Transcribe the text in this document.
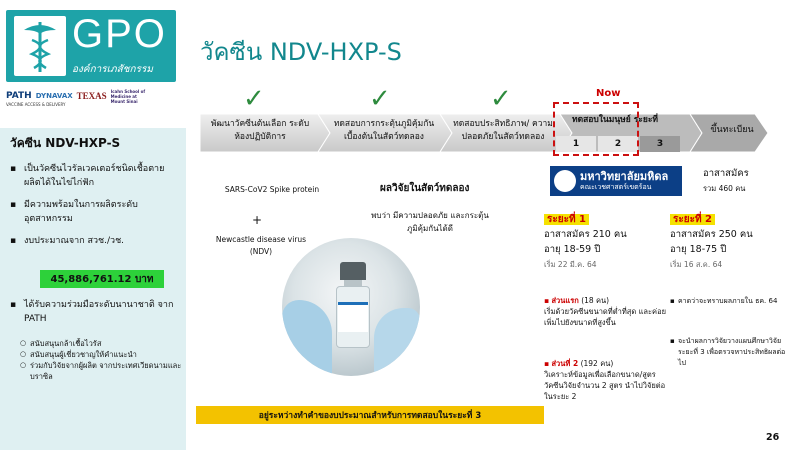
GPO
องค์การเภสัชกรรม
PATH DYNAVAX TEXAS Icahn School of Medicine at Mount Sinai
VACCINE ACCESS & DELIVERY
วัคซีน NDV-HXP-S
▪ เป็นวัคซีนไวรัลเวคเตอร์ชนิดเชื้อตาย ผลิตได้ในไข่ไก่ฟัก
▪ มีความพร้อมในการผลิตระดับอุตสาหกรรม
▪ งบประมาณจาก สวช./วช.
45,886,761.12 บาท
▪ ได้รับความร่วมมือระดับนานาชาติ จาก PATH
○ สนับสนุนกล้าเชื้อไวรัส
○ สนับสนุนผู้เชี่ยวชาญให้คำแนะนำ
○ ร่วมกับวิจัยจากผู้ผลิต จากประเทศเวียดนามและบราซิล
วัคซีน NDV-HXP-S
✓	✓	✓	Now
พัฒนาวัคซีนต้นเลือก ระดับห้องปฏิบัติการ
ทดสอบการกระตุ้นภูมิคุ้มกัน เบื้องต้นในสัตว์ทดลอง
ทดสอบประสิทธิภาพ/ ความปลอดภัยในสัตว์ทดลอง
ทดสอบในมนุษย์ ระยะที่
ขึ้นทะเบียน
1	2	3
SARS-CoV2 Spike protein
+
Newcastle disease virus (NDV)
ผลวิจัยในสัตว์ทดลอง
พบว่า มีความปลอดภัย และกระตุ้นภูมิคุ้มกันได้ดี
มหาวิทยาลัยมหิดล
คณะเวชศาสตร์เขตร้อน
อาสาสมัคร
รวม 460 คน
ระยะที่ 1
อาสาสมัคร 210 คน
อายุ 18-59 ปี
เริ่ม 22 มี.ค. 64
▪ ส่วนแรก (18 คน)
เริ่มด้วยวัคซีนขนาดที่ต่ำที่สุด และค่อยเพิ่มไปยังขนาดที่สูงขึ้น
▪ ส่วนที่ 2 (192 คน)
วิเคราะห์ข้อมูลเพื่อเลือกขนาด/สูตร วัคซีนวิจัยจำนวน 2 สูตร นำไปวิจัยต่อในระยะ 2
ระยะที่ 2
อาสาสมัคร 250 คน
อายุ 18-75 ปี
เริ่ม 16 ส.ค. 64
▪ คาดว่าจะทราบผลภายใน ธค. 64
▪ จะนำผลการวิจัยวางแผนศึกษาวิจัยระยะที่ 3 เพื่อตรวจหาประสิทธิผลต่อไป
อยู่ระหว่างทำคำของบประมาณสำหรับการทดสอบในระยะที่ 3
26
